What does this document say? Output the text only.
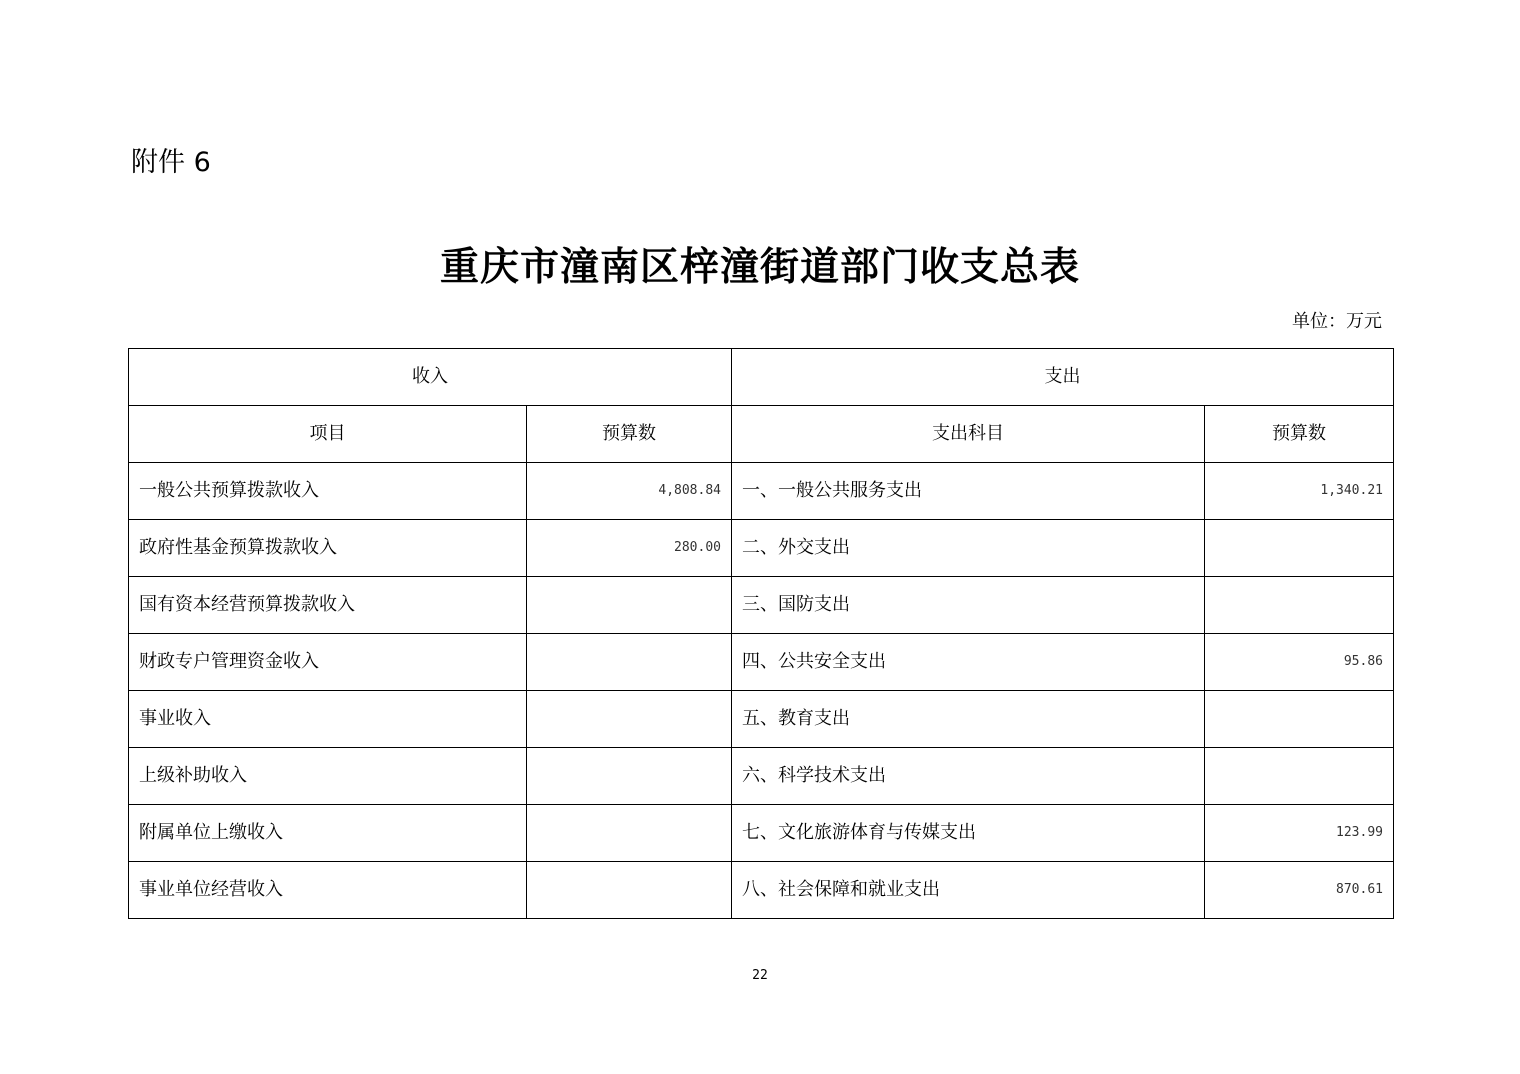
附件 6
重庆市潼南区梓潼街道部门收支总表
单位：万元
收入		支出	
项目	预算数	支出科目	预算数
一般公共预算拨款收入	4,808.84	一、一般公共服务支出	1,340.21
政府性基金预算拨款收入	280.00	二、外交支出	
国有资本经营预算拨款收入		三、国防支出	
财政专户管理资金收入		四、公共安全支出	95.86
事业收入		五、教育支出	
上级补助收入		六、科学技术支出	
附属单位上缴收入		七、文化旅游体育与传媒支出	123.99
事业单位经营收入		八、社会保障和就业支出	870.61
22
